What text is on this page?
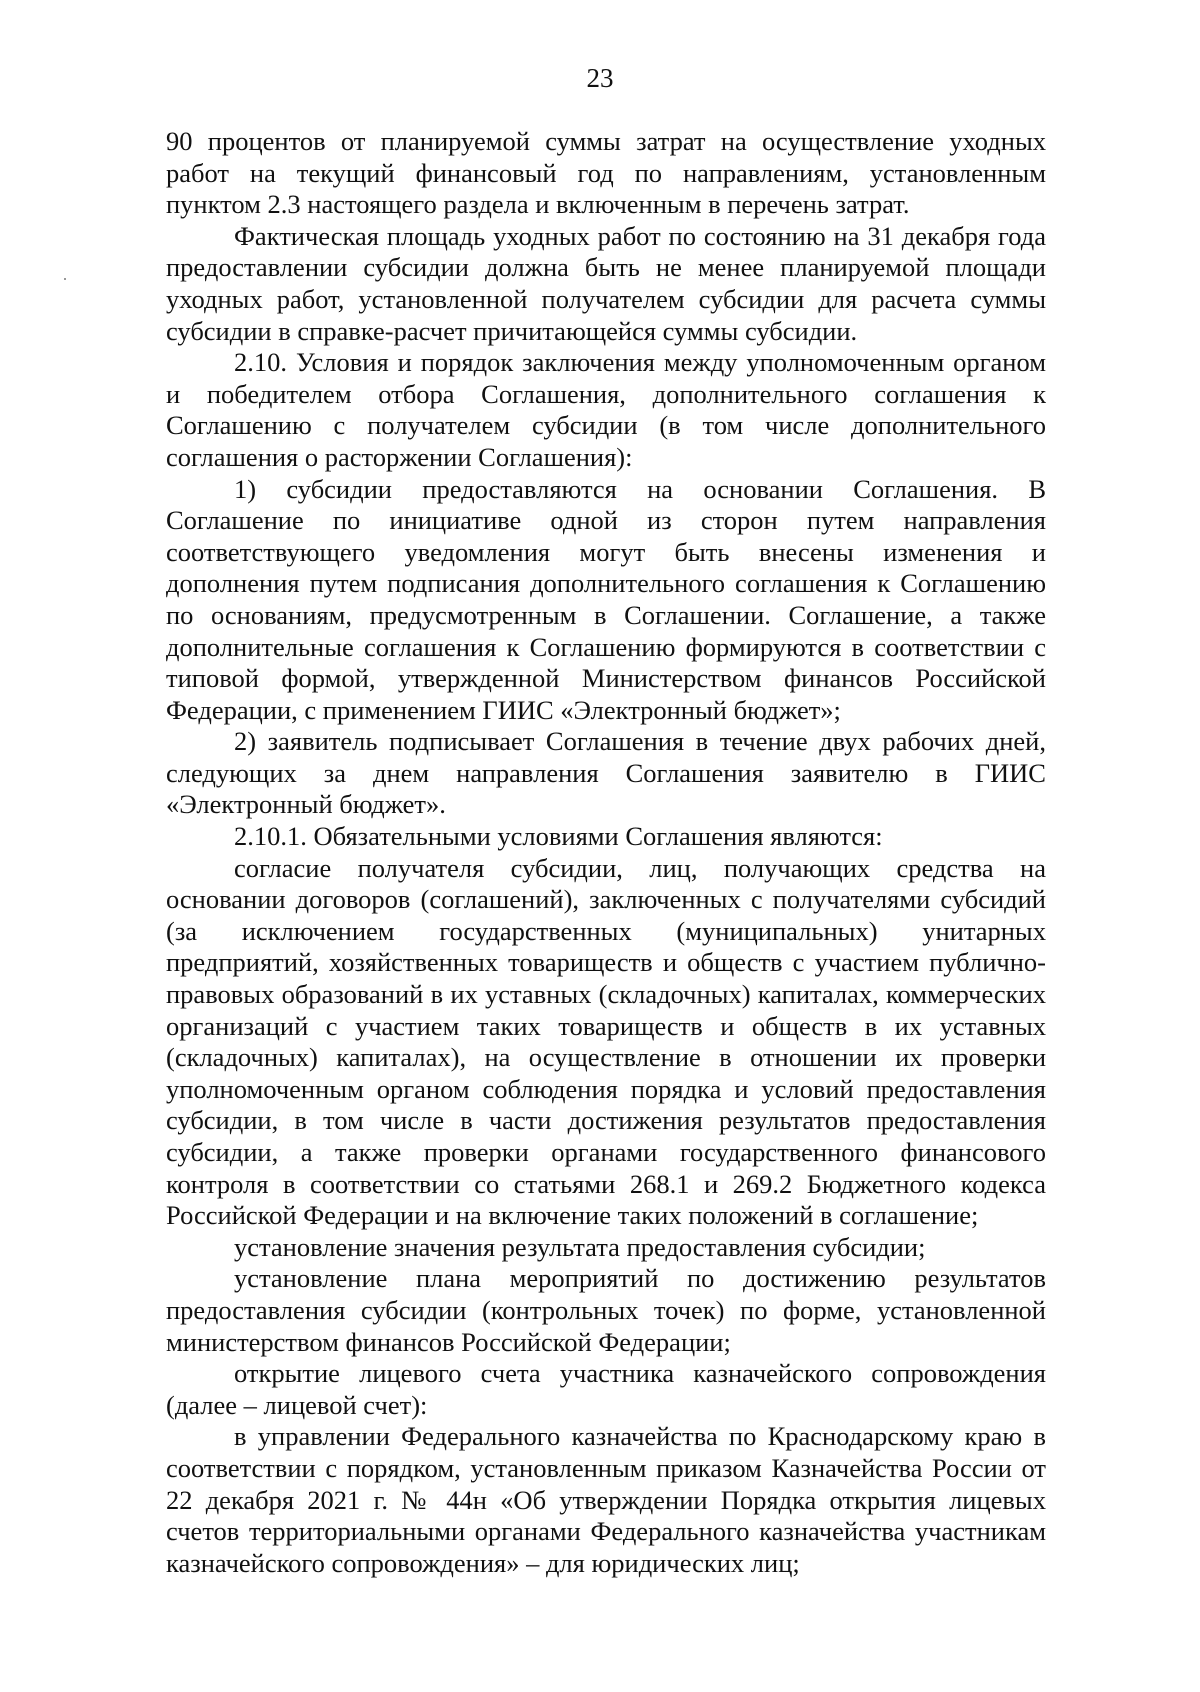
23

90 процентов от планируемой суммы затрат на осуществление уходных работ на текущий финансовый год по направлениям, установленным пунктом 2.3 настоящего раздела и включенным в перечень затрат.

Фактическая площадь уходных работ по состоянию на 31 декабря года предоставлении субсидии должна быть не менее планируемой площади уходных работ, установленной получателем субсидии для расчета суммы субсидии в справке-расчет причитающейся суммы субсидии.

2.10. Условия и порядок заключения между уполномоченным органом и победителем отбора Соглашения, дополнительного соглашения к Соглашению с получателем субсидии (в том числе дополнительного соглашения о расторжении Соглашения):

1) субсидии предоставляются на основании Соглашения. В Соглашение по инициативе одной из сторон путем направления соответствующего уведомления могут быть внесены изменения и дополнения путем подписания дополнительного соглашения к Соглашению по основаниям, предусмотренным в Соглашении. Соглашение, а также дополнительные соглашения к Соглашению формируются в соответствии с типовой формой, утвержденной Министерством финансов Российской Федерации, с применением ГИИС «Электронный бюджет»;

2) заявитель подписывает Соглашения в течение двух рабочих дней, следующих за днем направления Соглашения заявителю в ГИИС «Электронный бюджет».

2.10.1. Обязательными условиями Соглашения являются:

согласие получателя субсидии, лиц, получающих средства на основании договоров (соглашений), заключенных с получателями субсидий (за исключением государственных (муниципальных) унитарных предприятий, хозяйственных товариществ и обществ с участием публично-правовых образований в их уставных (складочных) капиталах, коммерческих организаций с участием таких товариществ и обществ в их уставных (складочных) капиталах), на осуществление в отношении их проверки уполномоченным органом соблюдения порядка и условий предоставления субсидии, в том числе в части достижения результатов предоставления субсидии, а также проверки органами государственного финансового контроля в соответствии со статьями 268.1 и 269.2 Бюджетного кодекса Российской Федерации и на включение таких положений в соглашение;

установление значения результата предоставления субсидии;

установление плана мероприятий по достижению результатов предоставления субсидии (контрольных точек) по форме, установленной министерством финансов Российской Федерации;

открытие лицевого счета участника казначейского сопровождения (далее – лицевой счет):

в управлении Федерального казначейства по Краснодарскому краю в соответствии с порядком, установленным приказом Казначейства России от 22 декабря 2021 г. № 44н «Об утверждении Порядка открытия лицевых счетов территориальными органами Федерального казначейства участникам казначейского сопровождения» – для юридических лиц;
